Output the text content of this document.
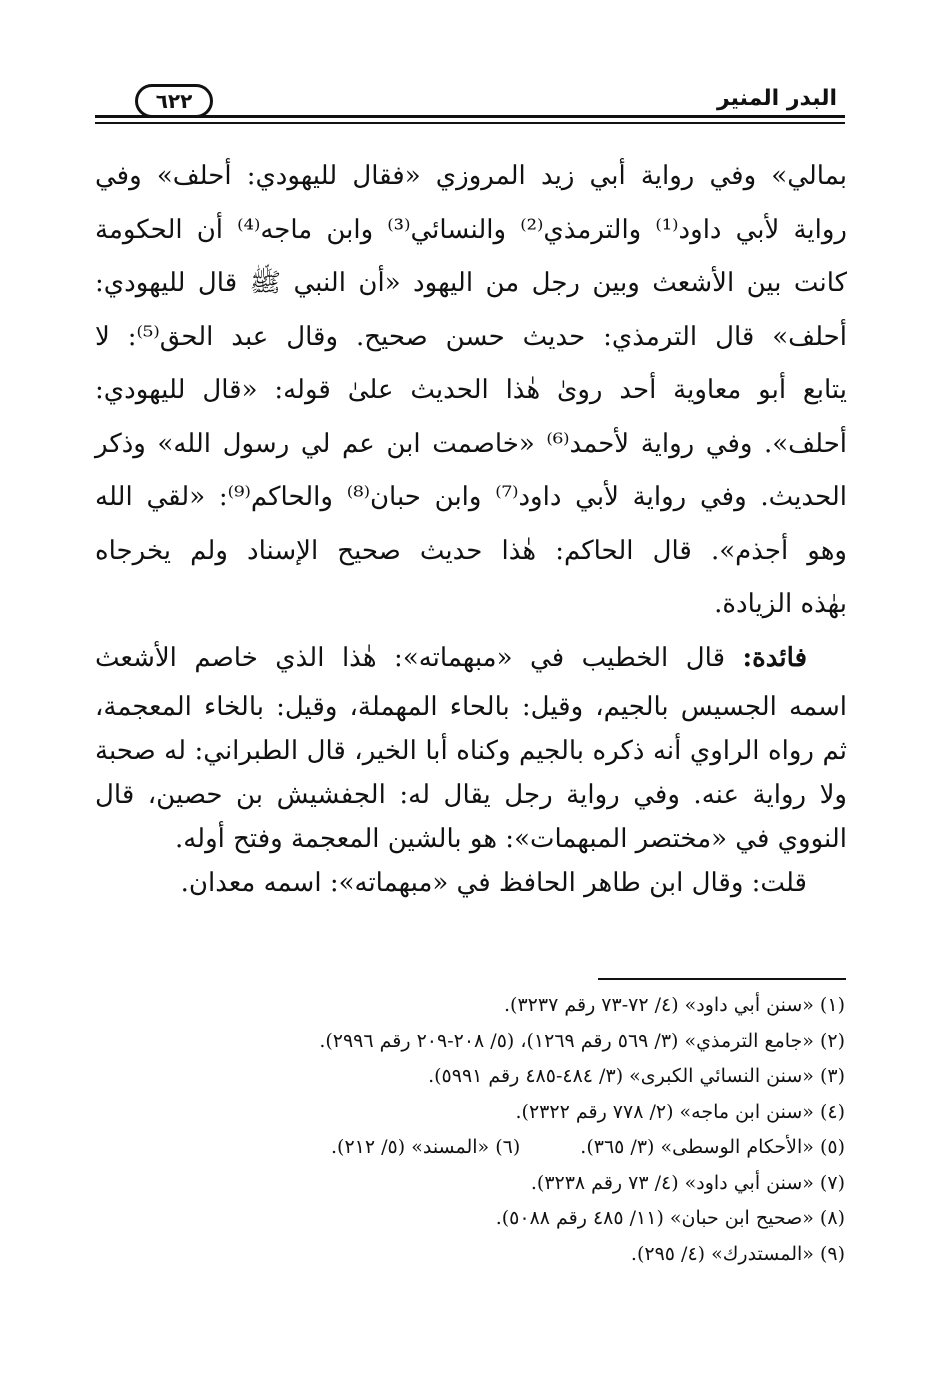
٦٢٢	البدر المنير
بمالي» وفي رواية أبي زيد المروزي «فقال لليهودي: أحلف» وفي
رواية لأبي داود⁽¹⁾ والترمذي⁽²⁾ والنسائي⁽³⁾ وابن ماجه⁽⁴⁾ أن الحكومة
كانت بين الأشعث وبين رجل من اليهود «أن النبي ﷺ قال لليهودي:
أحلف» قال الترمذي: حديث حسن صحيح. وقال عبد الحق⁽⁵⁾: لا
يتابع أبو معاوية أحد روىٰ هٰذا الحديث علىٰ قوله: «قال لليهودي:
أحلف». وفي رواية لأحمد⁽⁶⁾ «خاصمت ابن عم لي رسول الله» وذكر
الحديث. وفي رواية لأبي داود⁽⁷⁾ وابن حبان⁽⁸⁾ والحاكم⁽⁹⁾: «لقي الله
وهو أجذم». قال الحاكم: هٰذا حديث صحيح الإسناد ولم يخرجاه
بهٰذه الزيادة.
فائدة: قال الخطيب في «مبهماته»: هٰذا الذي خاصم الأشعث
اسمه الجسيس بالجيم، وقيل: بالحاء المهملة، وقيل: بالخاء المعجمة،
ثم رواه الراوي أنه ذكره بالجيم وكناه أبا الخير، قال الطبراني: له صحبة
ولا رواية عنه. وفي رواية رجل يقال له: الجفشيش بن حصين، قال
النووي في «مختصر المبهمات»: هو بالشين المعجمة وفتح أوله.
قلت: وقال ابن طاهر الحافظ في «مبهماته»: اسمه معدان.
(١) «سنن أبي داود» (٤/ ٧٢-٧٣ رقم ٣٢٣٧).
(٢) «جامع الترمذي» (٣/ ٥٦٩ رقم ١٢٦٩)، (٥/ ٢٠٨-٢٠٩ رقم ٢٩٩٦).
(٣) «سنن النسائي الكبرى» (٣/ ٤٨٤-٤٨٥ رقم ٥٩٩١).
(٤) «سنن ابن ماجه» (٢/ ٧٧٨ رقم ٢٣٢٢).
(٥) «الأحكام الوسطى» (٣/ ٣٦٥).(٦) «المسند» (٥/ ٢١٢).
(٧) «سنن أبي داود» (٤/ ٧٣ رقم ٣٢٣٨).
(٨) «صحيح ابن حبان» (١١/ ٤٨٥ رقم ٥٠٨٨).
(٩) «المستدرك» (٤/ ٢٩٥).
